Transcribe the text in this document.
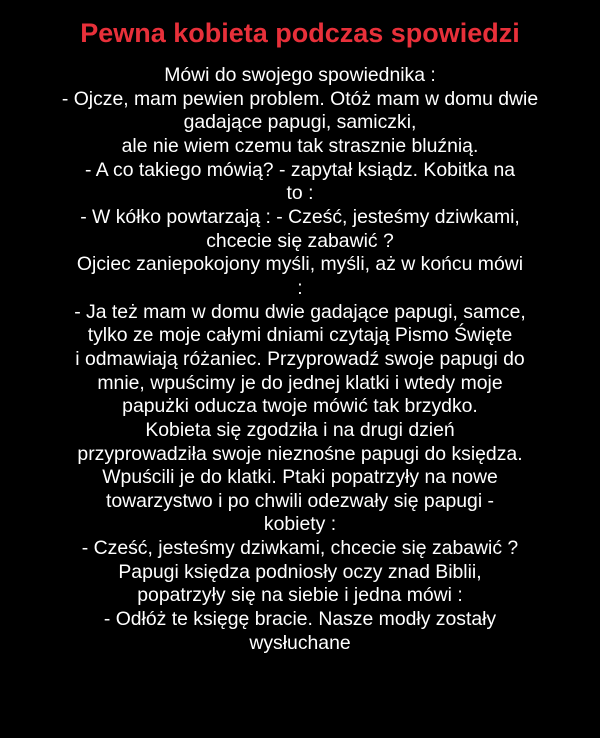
Pewna kobieta podczas spowiedzi
Mówi do swojego spowiednika :
- Ojcze, mam pewien problem. Otóż mam w domu dwie
gadające papugi, samiczki,
ale nie wiem czemu tak strasznie bluźnią.
- A co takiego mówią? - zapytał ksiądz. Kobitka na
to :
- W kółko powtarzają : - Cześć, jesteśmy dziwkami,
chcecie się zabawić ?
Ojciec zaniepokojony myśli, myśli, aż w końcu mówi
:
- Ja też mam w domu dwie gadające papugi, samce,
tylko ze moje całymi dniami czytają Pismo Święte
i odmawiają różaniec. Przyprowadź swoje papugi do
mnie, wpuścimy je do jednej klatki i wtedy moje
papużki oducza twoje mówić tak brzydko.
Kobieta się zgodziła i na drugi dzień
przyprowadziła swoje nieznośne papugi do księdza.
Wpuścili je do klatki. Ptaki popatrzyły na nowe
towarzystwo i po chwili odezwały się papugi -
kobiety :
- Cześć, jesteśmy dziwkami, chcecie się zabawić ?
Papugi księdza podniosły oczy znad Biblii,
popatrzyły się na siebie i jedna mówi :
- Odłóż te księgę bracie. Nasze modły zostały
wysłuchane
